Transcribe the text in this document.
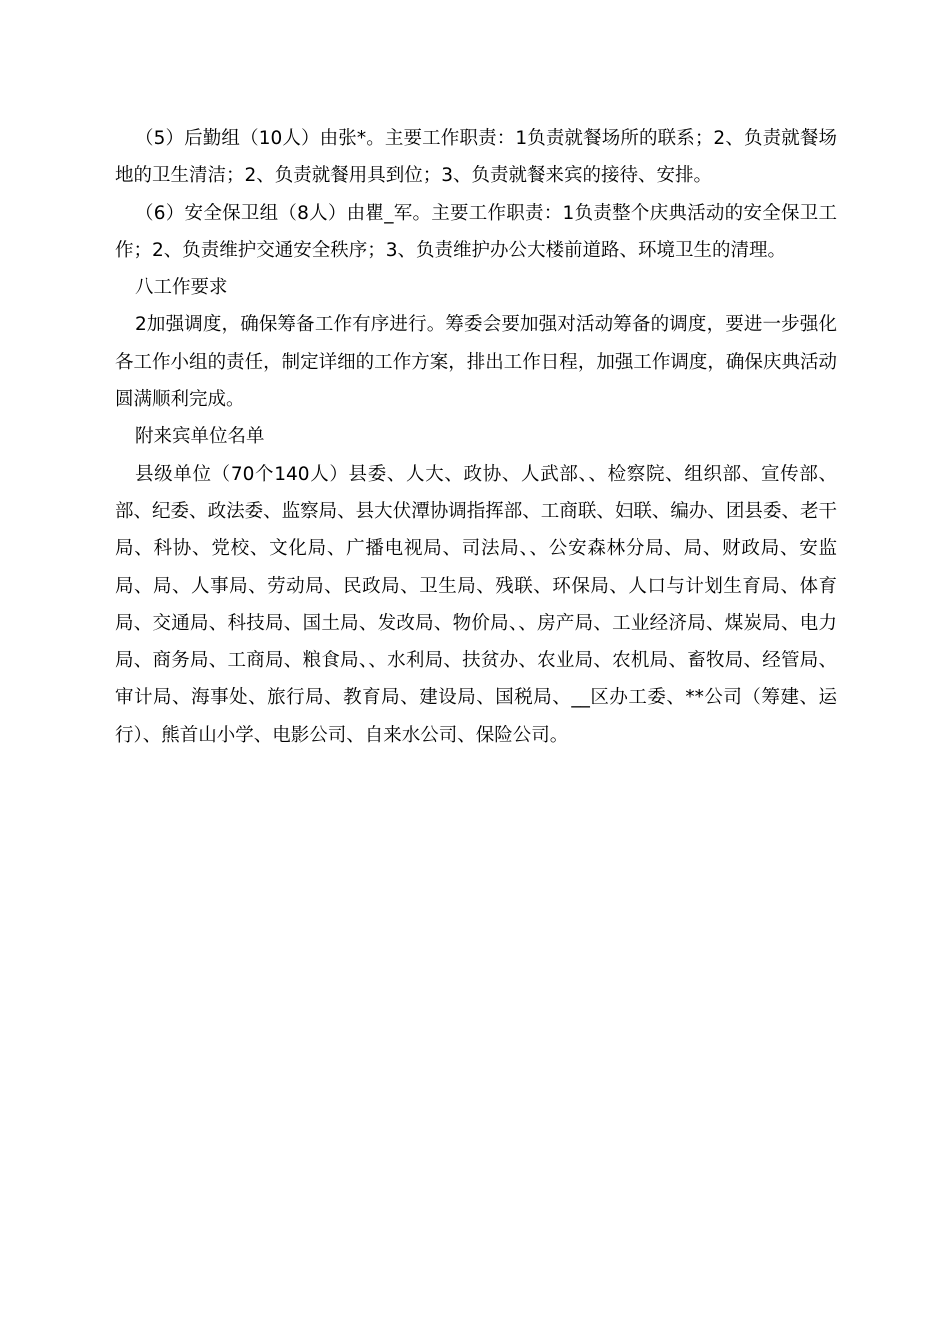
（5）后勤组（10人）由张*。主要工作职责：1负责就餐场所的联系；2、负责就餐场地的卫生清洁；2、负责就餐用具到位；3、负责就餐来宾的接待、安排。

（6）安全保卫组（8人）由瞿_军。主要工作职责：1负责整个庆典活动的安全保卫工作；2、负责维护交通安全秩序；3、负责维护办公大楼前道路、环境卫生的清理。

八工作要求

2加强调度，确保筹备工作有序进行。筹委会要加强对活动筹备的调度，要进一步强化各工作小组的责任，制定详细的工作方案，排出工作日程，加强工作调度，确保庆典活动圆满顺利完成。

附来宾单位名单

县级单位（70个140人）县委、人大、政协、人武部、、检察院、组织部、宣传部、部、纪委、政法委、监察局、县大伏潭协调指挥部、工商联、妇联、编办、团县委、老干局、科协、党校、文化局、广播电视局、司法局、、公安森林分局、局、财政局、安监局、局、人事局、劳动局、民政局、卫生局、残联、环保局、人口与计划生育局、体育局、交通局、科技局、国土局、发改局、物价局、、房产局、工业经济局、煤炭局、电力局、商务局、工商局、粮食局、、水利局、扶贫办、农业局、农机局、畜牧局、经管局、审计局、海事处、旅行局、教育局、建设局、国税局、__区办工委、**公司（筹建、运行）、熊首山小学、电影公司、自来水公司、保险公司。
